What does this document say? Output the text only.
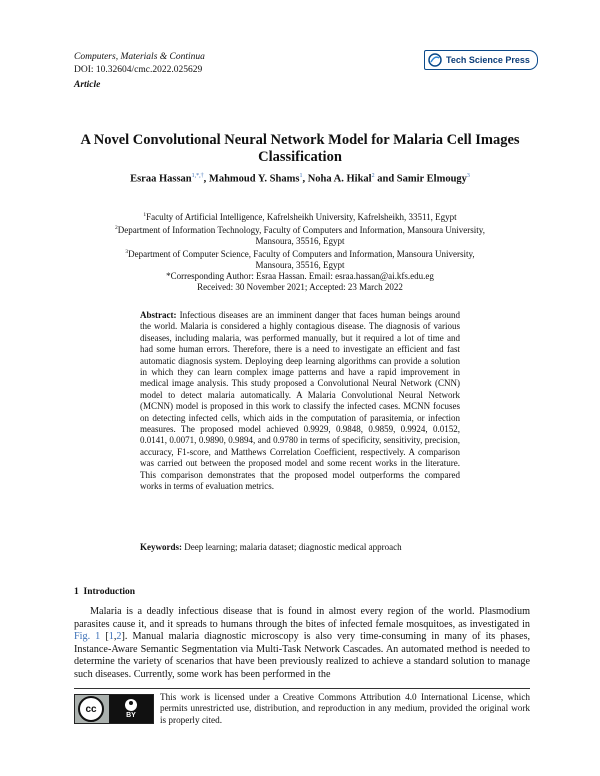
Computers, Materials & Continua
DOI: 10.32604/cmc.2022.025629
Article
Tech Science Press
A Novel Convolutional Neural Network Model for Malaria Cell Images Classification
Esraa Hassan$^{1,*,\dagger}$, Mahmoud Y. Shams$^1$, Noha A. Hikal$^2$ and Samir Elmougy$^3$

$^1$Faculty of Artificial Intelligence, Kafrelsheikh University, Kafrelsheikh, 33511, Egypt

$^2$Department of Information Technology, Faculty of Computers and Information, Mansoura University, Mansoura, 35516, Egypt

$^3$Department of Computer Science, Faculty of Computers and Information, Mansoura University, Mansoura, 35516, Egypt

*Corresponding Author: Esraa Hassan. Email: esraa.hassan@ai.kfs.edu.eg

Received: 30 November 2021; Accepted: 23 March 2022

Abstract: Infectious diseases are an imminent danger that faces human beings around the world. Malaria is considered a highly contagious disease. The diagnosis of various diseases, including malaria, was performed manually, but it required a lot of time and had some human errors. Therefore, there is a need to investigate an efficient and fast automatic diagnosis system. Deploying deep learning algorithms can provide a solution in which they can learn complex image patterns and have a rapid improvement in medical image analysis. This study proposed a Convolutional Neural Network (CNN) model to detect malaria automatically. A Malaria Convolutional Neural Network (MCNN) model is proposed in this work to classify the infected cases. MCNN focuses on detecting infected cells, which aids in the computation of parasitemia, or infection measures. The proposed model achieved 0.9929, 0.9848, 0.9859, 0.9924, 0.0152, 0.0141, 0.0071, 0.9890, 0.9894, and 0.9780 in terms of specificity, sensitivity, precision, accuracy, F1-score, and Matthews Correlation Coefficient, respectively. A comparison was carried out between the proposed model and some recent works in the literature. This comparison demonstrates that the proposed model outperforms the compared works in terms of evaluation metrics.
Keywords: Deep learning; malaria dataset; diagnostic medical approach
1 Introduction
Malaria is a deadly infectious disease that is found in almost every region of the world. Plasmodium parasites cause it, and it spreads to humans through the bites of infected female mosquitoes, as investigated in Fig. 1 [1,2]. Manual malaria diagnostic microscopy is also very time-consuming in many of its phases, Instance-Aware Semantic Segmentation via Multi-Task Network Cascades. An automated method is needed to determine the variety of scenarios that have been previously realized to achieve a standard solution to manage such diseases. Currently, some work has been performed in the
cc
BY
This work is licensed under a Creative Commons Attribution 4.0 International License, which permits unrestricted use, distribution, and reproduction in any medium, provided the original work is properly cited.
